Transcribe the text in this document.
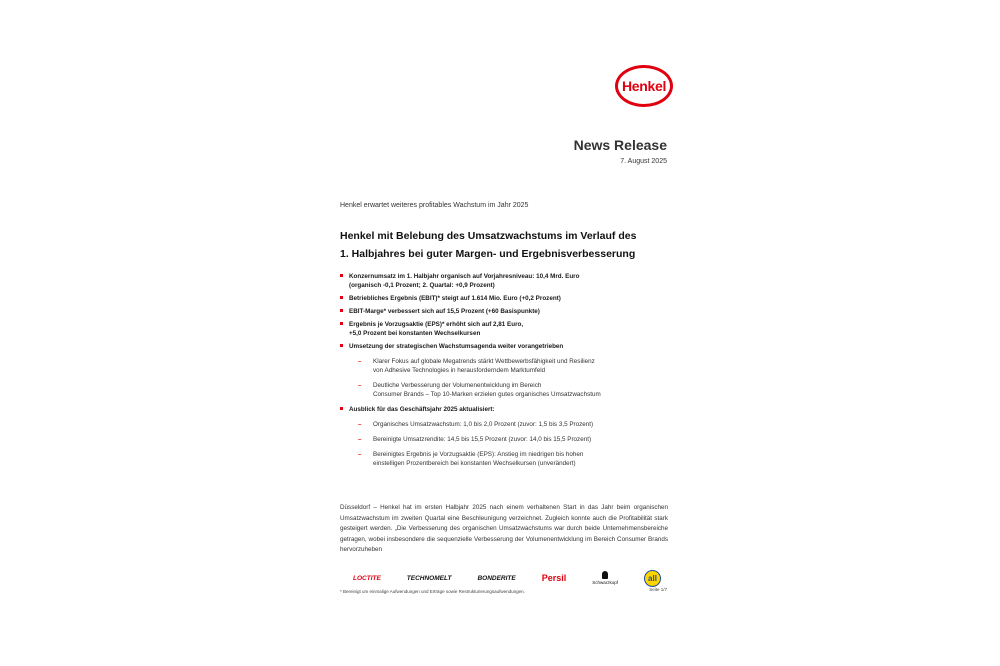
Henkel
News Release
7. August 2025
Henkel erwartet weiteres profitables Wachstum im Jahr 2025
Henkel mit Belebung des Umsatzwachstums im Verlauf des
1. Halbjahres bei guter Margen- und Ergebnisverbesserung
Konzernumsatz im 1. Halbjahr organisch auf Vorjahresniveau: 10,4 Mrd. Euro
(organisch -0,1 Prozent; 2. Quartal: +0,9 Prozent)
Betriebliches Ergebnis (EBIT)* steigt auf 1.614 Mio. Euro (+0,2 Prozent)
EBIT-Marge* verbessert sich auf 15,5 Prozent (+60 Basispunkte)
Ergebnis je Vorzugsaktie (EPS)* erhöht sich auf 2,81 Euro,
+5,0 Prozent bei konstanten Wechselkursen
Umsetzung der strategischen Wachstumsagenda weiter vorangetrieben
– Klarer Fokus auf globale Megatrends stärkt Wettbewerbsfähigkeit und Resilienz
von Adhesive Technologies in herausforderndem Marktumfeld
– Deutliche Verbesserung der Volumenentwicklung im Bereich
Consumer Brands – Top 10-Marken erzielen gutes organisches Umsatzwachstum
Ausblick für das Geschäftsjahr 2025 aktualisiert:
– Organisches Umsatzwachstum: 1,0 bis 2,0 Prozent (zuvor: 1,5 bis 3,5 Prozent)
– Bereinigte Umsatzrendite: 14,5 bis 15,5 Prozent (zuvor: 14,0 bis 15,5 Prozent)
– Bereinigtes Ergebnis je Vorzugsaktie (EPS): Anstieg im niedrigen bis hohen
einstelligen Prozentbereich bei konstanten Wechselkursen (unverändert)
Düsseldorf – Henkel hat im ersten Halbjahr 2025 nach einem verhaltenen Start in das Jahr beim organischen Umsatzwachstum im zweiten Quartal eine Beschleunigung verzeichnet. Zugleich konnte auch die Profitabilität stark gesteigert werden. „Die Verbesserung des organischen Umsatzwachstums war durch beide Unternehmensbereiche getragen, wobei insbesondere die sequenzielle Verbesserung der Volumenentwicklung im Bereich Consumer Brands hervorzuheben
LOCTITE	TECHNOMELT	BONDERITE	Persil	Schwarzkopf	all
* Bereinigt um einmalige Aufwendungen und Erträge sowie Restrukturierungsaufwendungen.	Seite 1/7
